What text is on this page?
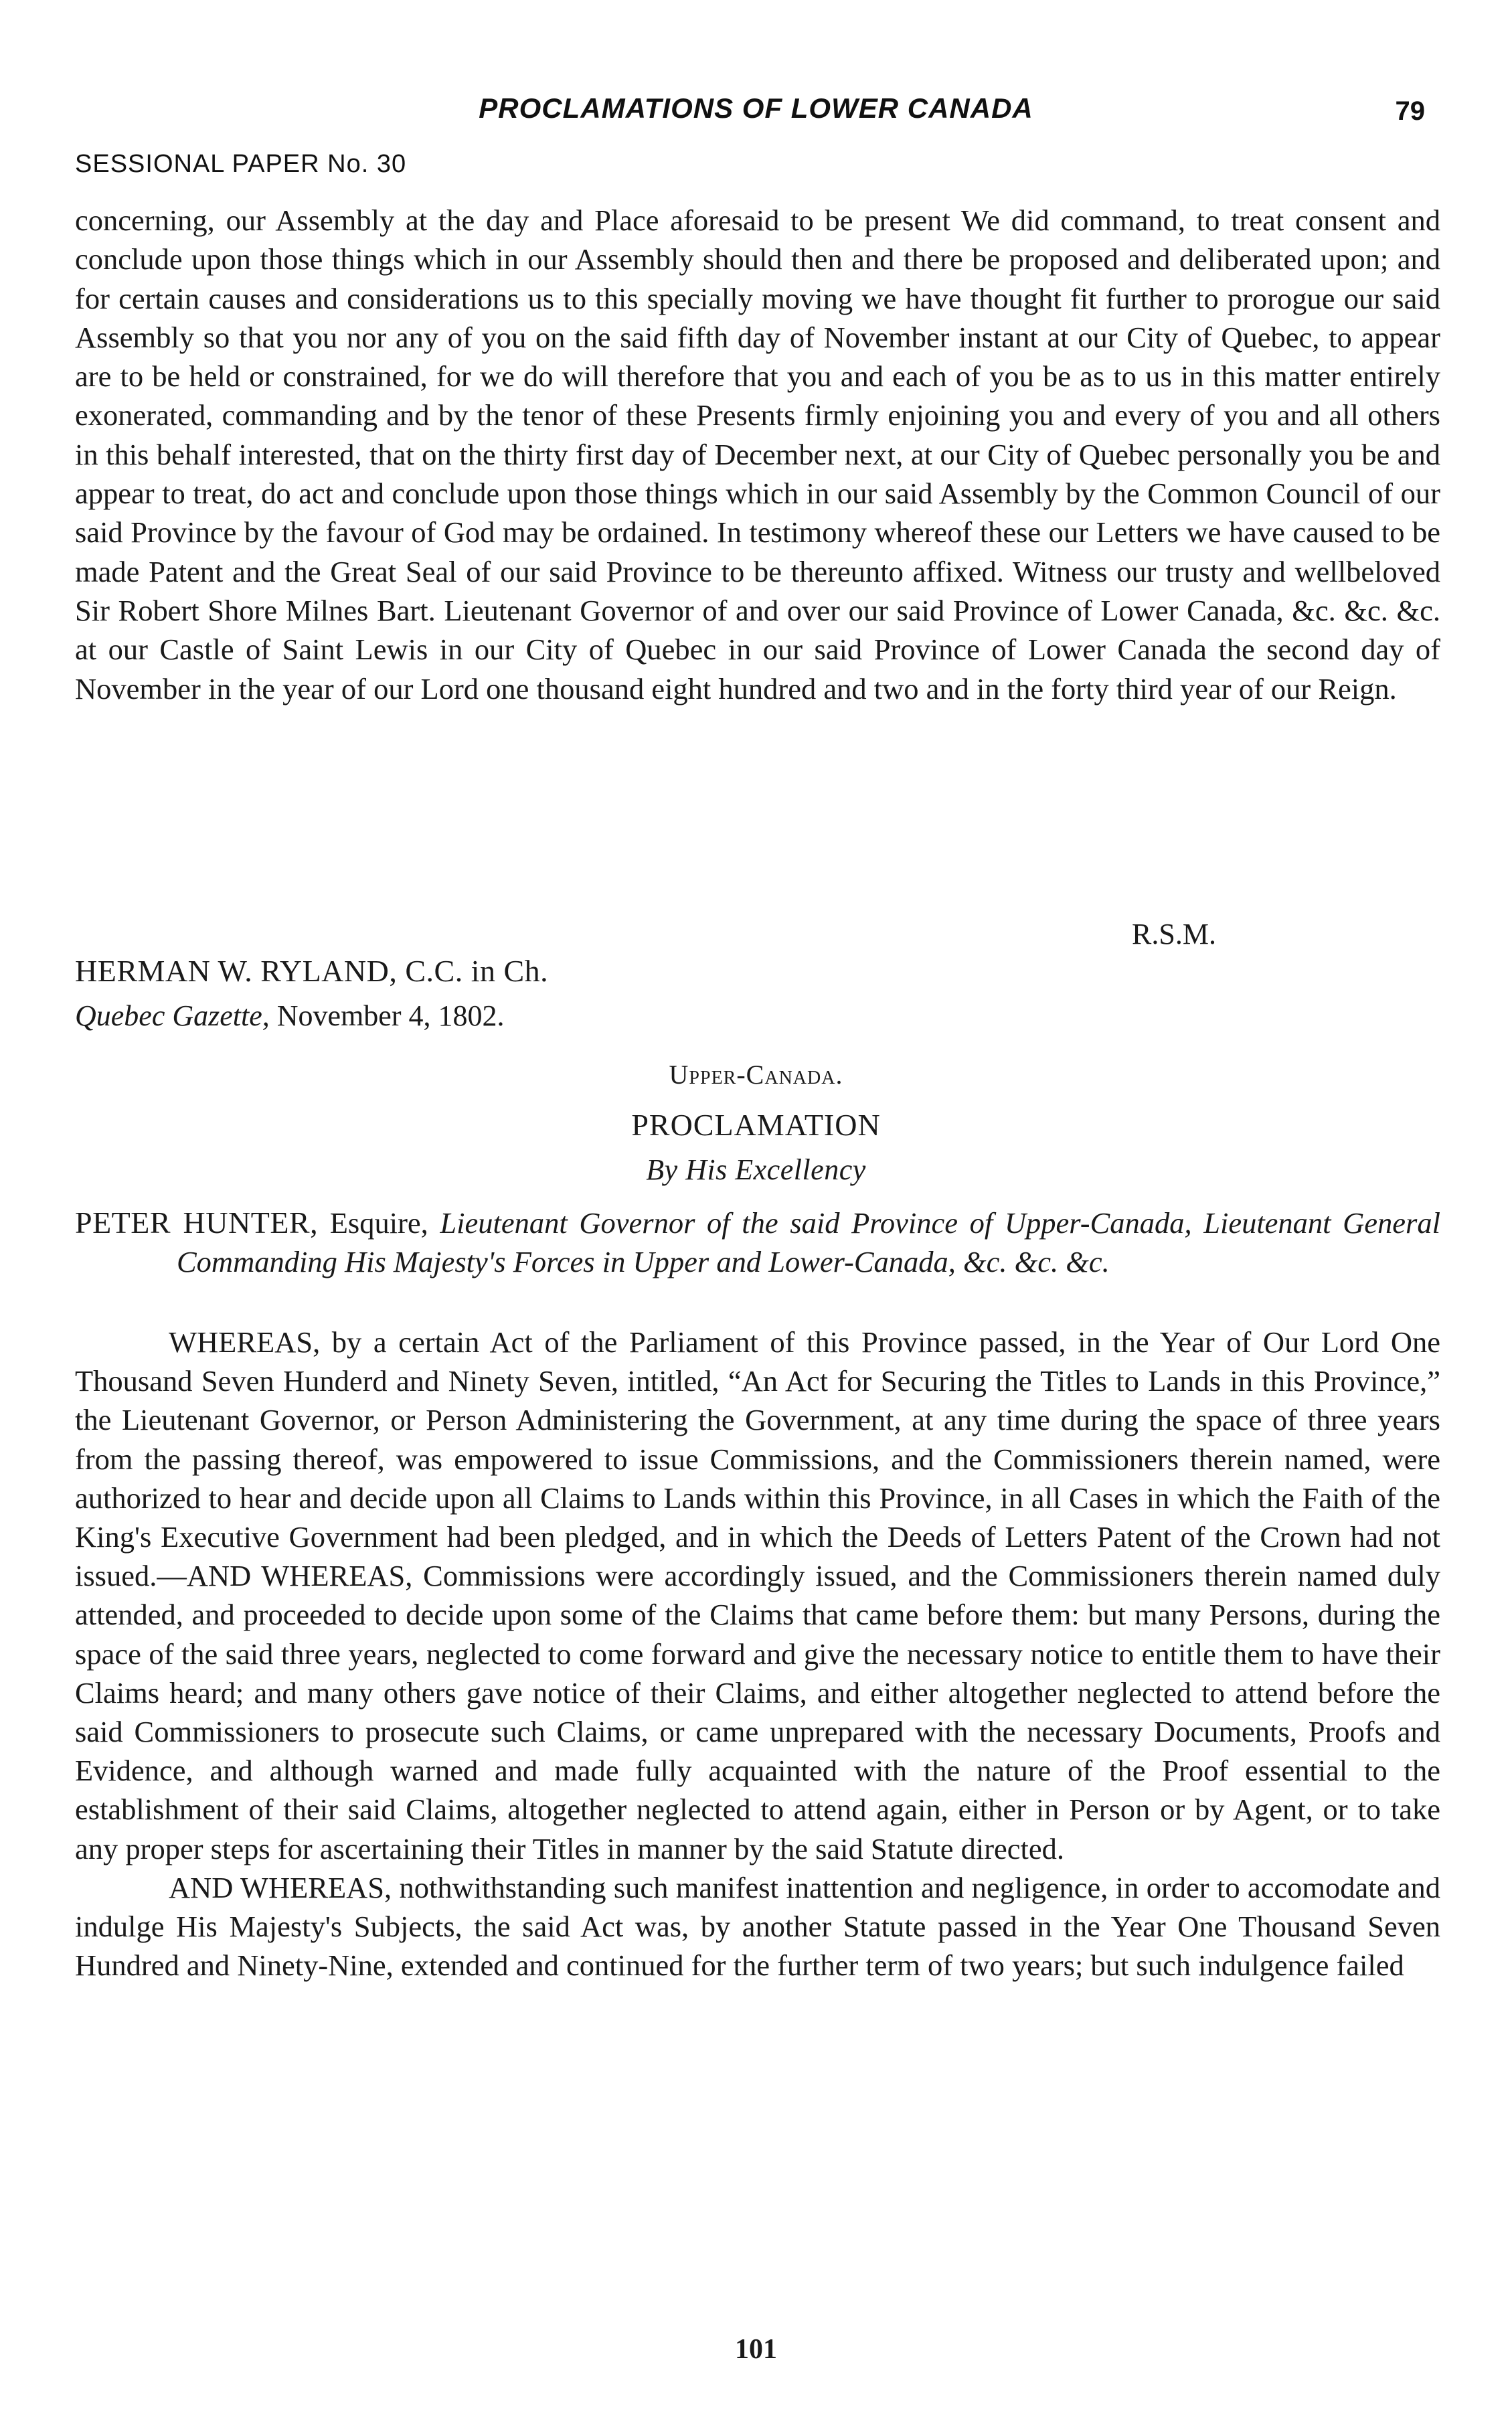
PROCLAMATIONS OF LOWER CANADA	79
SESSIONAL PAPER No. 30

concerning, our Assembly at the day and Place aforesaid to be present We did command, to treat consent and conclude upon those things which in our Assembly should then and there be proposed and deliberated upon; and for certain causes and considerations us to this specially moving we have thought fit further to prorogue our said Assembly so that you nor any of you on the said fifth day of November instant at our City of Quebec, to appear are to be held or constrained, for we do will therefore that you and each of you be as to us in this matter entirely exonerated, commanding and by the tenor of these Presents firmly enjoining you and every of you and all others in this behalf interested, that on the thirty first day of December next, at our City of Quebec personally you be and appear to treat, do act and conclude upon those things which in our said Assembly by the Common Council of our said Province by the favour of God may be ordained. In testimony whereof these our Letters we have caused to be made Patent and the Great Seal of our said Province to be thereunto affixed. Witness our trusty and wellbeloved Sir Robert Shore Milnes Bart. Lieutenant Governor of and over our said Province of Lower Canada, &c. &c. &c. at our Castle of Saint Lewis in our City of Quebec in our said Province of Lower Canada the second day of November in the year of our Lord one thousand eight hundred and two and in the forty third year of our Reign.

R.S.M.
HERMAN W. RYLAND, C.C. in Ch.
Quebec Gazette, November 4, 1802.
Upper-Canada.
PROCLAMATION
By His Excellency
PETER HUNTER, Esquire, Lieutenant Governor of the said Province of Upper-Canada, Lieutenant General Commanding His Majesty's Forces in Upper and Lower-Canada, &c. &c. &c.

WHEREAS, by a certain Act of the Parliament of this Province passed, in the Year of Our Lord One Thousand Seven Hunderd and Ninety Seven, intitled, “An Act for Securing the Titles to Lands in this Province,” the Lieutenant Governor, or Person Administering the Government, at any time during the space of three years from the passing thereof, was empowered to issue Commissions, and the Commissioners therein named, were authorized to hear and decide upon all Claims to Lands within this Province, in all Cases in which the Faith of the King's Executive Government had been pledged, and in which the Deeds of Letters Patent of the Crown had not issued.—AND WHEREAS, Commissions were accordingly issued, and the Commissioners therein named duly attended, and proceeded to decide upon some of the Claims that came before them: but many Persons, during the space of the said three years, neglected to come forward and give the necessary notice to entitle them to have their Claims heard; and many others gave notice of their Claims, and either altogether neglected to attend before the said Commissioners to prosecute such Claims, or came unprepared with the necessary Documents, Proofs and Evidence, and although warned and made fully acquainted with the nature of the Proof essential to the establishment of their said Claims, altogether neglected to attend again, either in Person or by Agent, or to take any proper steps for ascertaining their Titles in manner by the said Statute directed.

AND WHEREAS, nothwithstanding such manifest inattention and negligence, in order to accomodate and indulge His Majesty's Subjects, the said Act was, by another Statute passed in the Year One Thousand Seven Hundred and Ninety-Nine, extended and continued for the further term of two years; but such indulgence failed

101
